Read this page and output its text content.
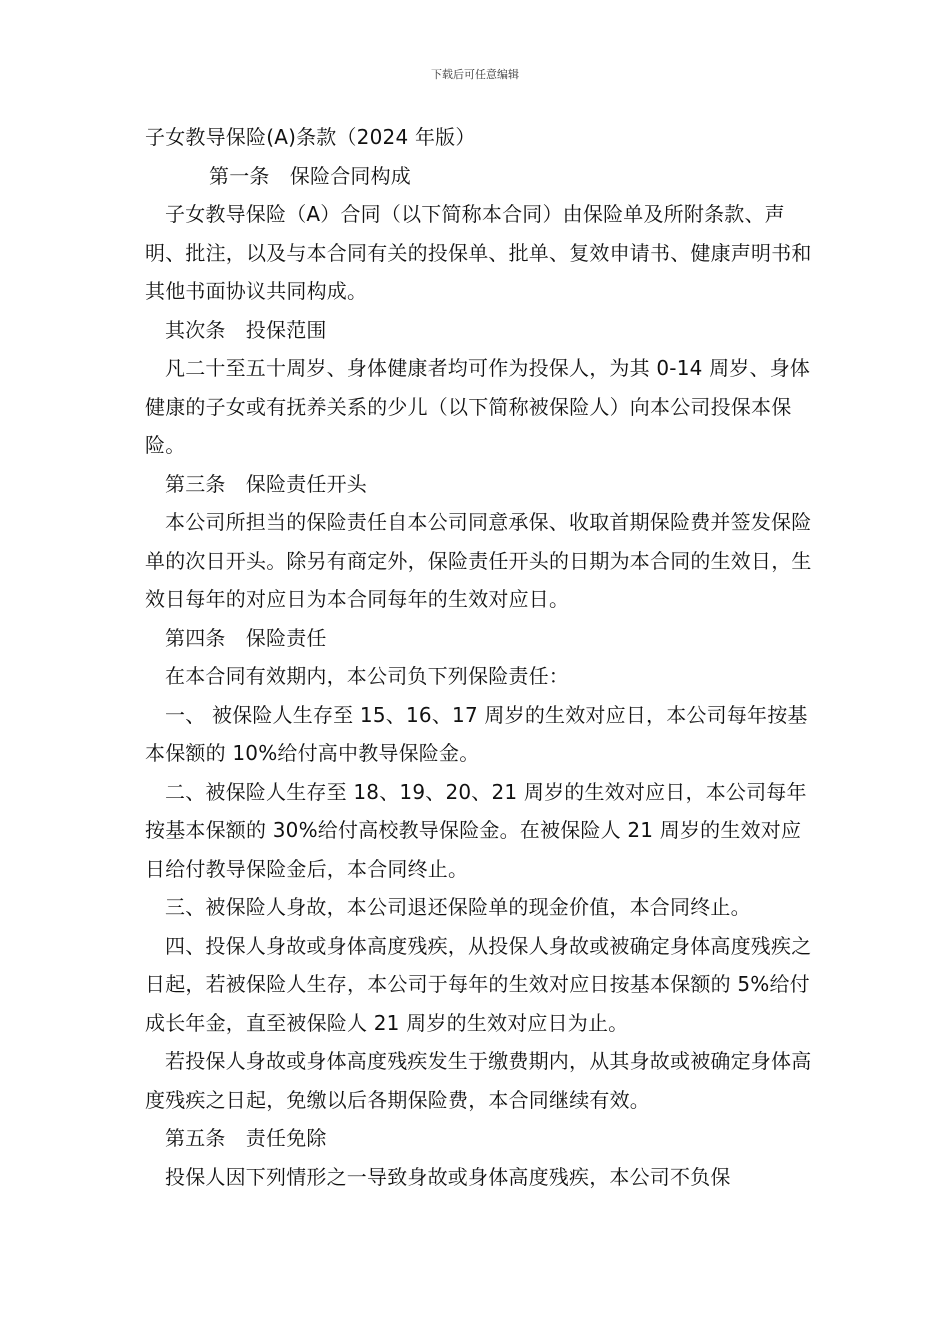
下载后可任意编辑

子女教导保险(A)条款（2024 年版）

第一条　保险合同构成

子女教导保险（A）合同（以下简称本合同）由保险单及所附条款、声明、批注，以及与本合同有关的投保单、批单、复效申请书、健康声明书和其他书面协议共同构成。

其次条　投保范围

凡二十至五十周岁、身体健康者均可作为投保人，为其 0-14 周岁、身体健康的子女或有抚养关系的少儿（以下简称被保险人）向本公司投保本保险。

第三条　保险责任开头

本公司所担当的保险责任自本公司同意承保、收取首期保险费并签发保险单的次日开头。除另有商定外，保险责任开头的日期为本合同的生效日，生效日每年的对应日为本合同每年的生效对应日。

第四条　保险责任

在本合同有效期内，本公司负下列保险责任：

一、 被保险人生存至 15、16、17 周岁的生效对应日，本公司每年按基本保额的 10%给付高中教导保险金。

二、被保险人生存至 18、19、20、21 周岁的生效对应日，本公司每年按基本保额的 30%给付高校教导保险金。在被保险人 21 周岁的生效对应日给付教导保险金后，本合同终止。

三、被保险人身故，本公司退还保险单的现金价值，本合同终止。

四、投保人身故或身体高度残疾，从投保人身故或被确定身体高度残疾之日起，若被保险人生存，本公司于每年的生效对应日按基本保额的 5%给付成长年金，直至被保险人 21 周岁的生效对应日为止。

若投保人身故或身体高度残疾发生于缴费期内，从其身故或被确定身体高度残疾之日起，免缴以后各期保险费，本合同继续有效。

第五条　责任免除

投保人因下列情形之一导致身故或身体高度残疾，本公司不负保
